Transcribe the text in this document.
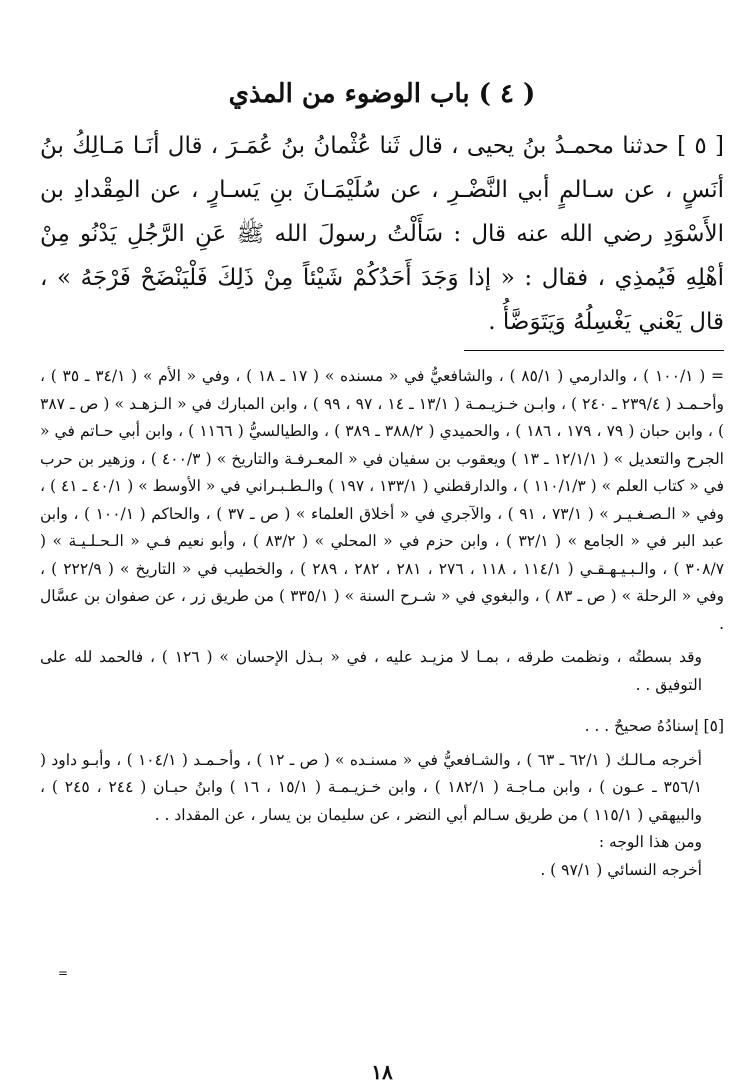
( ٤ ) باب الوضوء من المذي

[ ٥ ] حدثنا محمـدُ بنُ يحيى ، قال ثَنا عُثْمانُ بنُ عُمَـرَ ، قال أنَـا مَـالِكُ بنُ أنَسٍ ، عن سـالمٍ أبي النَّضْـرِ ، عن سُلَيْمَـانَ بنِ يَسـارٍ ، عن المِقْدادِ بن الأَسْوَدِ رضي الله عنه قال : سَأَلْتُ رسولَ الله ﷺ عَنِ الرَّجُلِ يَدْنُو مِنْ أهْلِهِ فَيُمذِي ، فقال : « إذا وَجَدَ أَحَدُكُمْ شَيْئاً مِنْ ذَلِكَ فَلْيَنْضَحْ فَرْجَهُ » ، قال يَعْني يَغْسِلُهُ وَيَتَوَضَّأُ .

= ( ١٠٠/١ ) ، والدارمي ( ٨٥/١ ) ، والشافعيُّ في « مسنده » ( ١٧ ـ ١٨ ) ، وفي « الأم » ( ٣٤/١ ـ ٣٥ ) ، وأحـمـد ( ٢٣٩/٤ ـ ٢٤٠ ) ، وابـن خـزيـمـة ( ١٣/١ ـ ١٤ ، ٩٧ ، ٩٩ ) ، وابن المبارك في « الـزهـد » ( ص ـ ٣٨٧ ) ، وابن حبان ( ٧٩ ، ١٧٩ ، ١٨٦ ) ، والحميدي ( ٣٨٨/٢ ـ ٣٨٩ ) ، والطيالسيُّ ( ١١٦٦ ) ، وابن أبي حـاتم في « الجرح والتعديل » ( ١٢/١/١ ـ ١٣ ) ويعقوب بن سفيان في « المعـرفـة والتاريخ » ( ٤٠٠/٣ ) ، وزهير بن حرب في « كتاب العلم » ( ١١٠/١/٣ ) ، والدارقطني ( ١٣٣/١ ، ١٩٧ ) والـطـبـراني في « الأوسط » ( ٤٠/١ ـ ٤١ ) ، وفي « الـصـغـيـر » ( ٧٣/١ ، ٩١ ) ، والآجري في « أخلاق العلماء » ( ص ـ ٣٧ ) ، والحاكم ( ١٠٠/١ ) ، وابن عبد البر في « الجامع » ( ٣٢/١ ) ، وابن حزم في « المحلي » ( ٨٣/٢ ) ، وأبو نعيم فـي « الـحـلـيـة » ( ٣٠٨/٧ ) ، والـبـيـهـقـي ( ١١٤/١ ، ١١٨ ، ٢٧٦ ، ٢٨١ ، ٢٨٢ ، ٢٨٩ ) ، والخطيب في « التاريخ » ( ٢٢٢/٩ ) ، وفي « الرحلة » ( ص ـ ٨٣ ) ، والبغوي في « شـرح السنة » ( ٣٣٥/١ ) من طريق زر ، عن صفوان بن عسَّال .

وقد بسطتُه ، ونظمت طرقه ، بمـا لا مزيـد عليه ، في « بـذل الإحسان » ( ١٢٦ ) ، فالحمد لله على التوفيق . .

[٥] إسنادُهُ صحيحٌ . . .

أخرجه مـالـك ( ٦٢/١ ـ ٦٣ ) ، والشـافعيُّ في « مسنـده » ( ص ـ ١٢ ) ، وأحـمـد ( ١٠٤/١ ) ، وأبـو داود ( ٣٥٦/١ ـ عـون ) ، وابن مـاجـة ( ١٨٢/١ ) ، وابن خـزيـمـة ( ١٥/١ ، ١٦ ) وابنُ حبـان ( ٢٤٤ ، ٢٤٥ ) ، والبيهقي ( ١١٥/١ ) من طريق سـالم أبي النضر ، عن سليمان بن يسار ، عن المقداد . .

ومن هذا الوجه :

أخرجه النسائي ( ٩٧/١ ) .

١٨
=
